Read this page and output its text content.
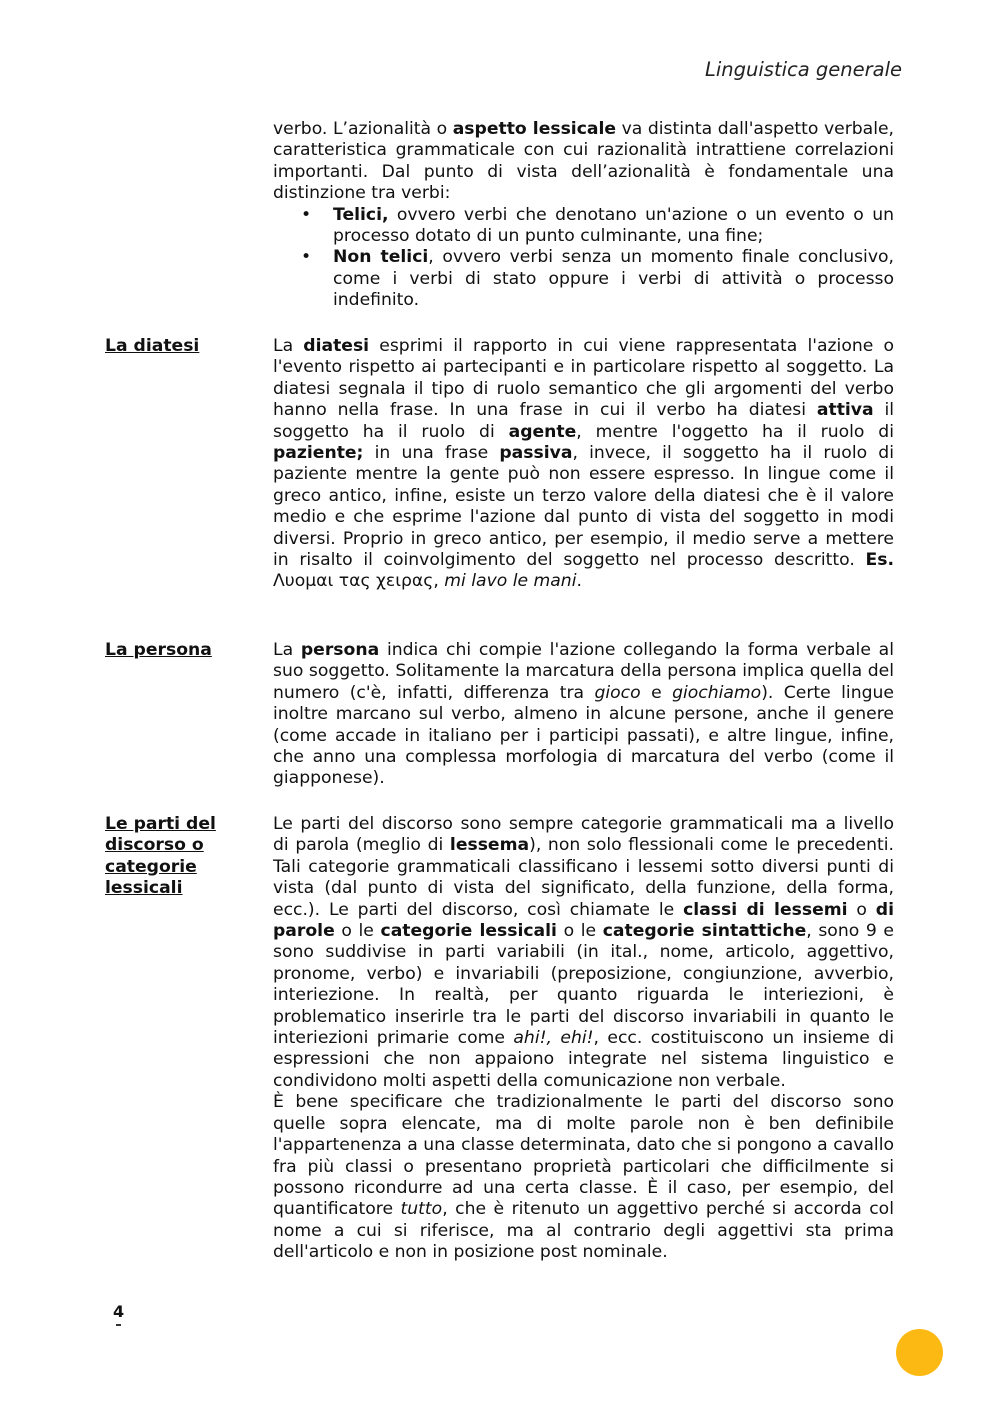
Linguistica generale

verbo. L’azionalità o aspetto lessicale va distinta dall'aspetto verbale, caratteristica grammaticale con cui razionalità intrattiene correlazioni importanti. Dal punto di vista dell’azionalità è fondamentale una distinzione tra verbi:

• Telici, ovvero verbi che denotano un'azione o un evento o un processo dotato di un punto culminante, una fine;
• Non telici, ovvero verbi senza un momento finale conclusivo, come i verbi di stato oppure i verbi di attività o processo indefinito.
La diatesi	La diatesi esprimi il rapporto in cui viene rappresentata l'azione o l'evento rispetto ai partecipanti e in particolare rispetto al soggetto. La diatesi segnala il tipo di ruolo semantico che gli argomenti del verbo hanno nella frase. In una frase in cui il verbo ha diatesi attiva il soggetto ha il ruolo di agente, mentre l'oggetto ha il ruolo di paziente; in una frase passiva, invece, il soggetto ha il ruolo di paziente mentre la gente può non essere espresso. In lingue come il greco antico, infine, esiste un terzo valore della diatesi che è il valore medio e che esprime l'azione dal punto di vista del soggetto in modi diversi. Proprio in greco antico, per esempio, il medio serve a mettere in risalto il coinvolgimento del soggetto nel processo descritto. Es. Λυομαι τας χειρας, mi lavo le mani.

La persona	La persona indica chi compie l'azione collegando la forma verbale al suo soggetto. Solitamente la marcatura della persona implica quella del numero (c'è, infatti, differenza tra gioco e giochiamo). Certe lingue inoltre marcano sul verbo, almeno in alcune persone, anche il genere (come accade in italiano per i participi passati), e altre lingue, infine, che anno una complessa morfologia di marcatura del verbo (come il giapponese).

Le parti del discorso o categorie lessicali

Le parti del discorso sono sempre categorie grammaticali ma a livello di parola (meglio di lessema), non solo flessionali come le precedenti. Tali categorie grammaticali classificano i lessemi sotto diversi punti di vista (dal punto di vista del significato, della funzione, della forma, ecc.). Le parti del discorso, così chiamate le classi di lessemi o di parole o le categorie lessicali o le categorie sintattiche, sono 9 e sono suddivise in parti variabili (in ital., nome, articolo, aggettivo, pronome, verbo) e invariabili (preposizione, congiunzione, avverbio, interiezione. In realtà, per quanto riguarda le interiezioni, è problematico inserirle tra le parti del discorso invariabili in quanto le interiezioni primarie come ahi!, ehi!, ecc. costituiscono un insieme di espressioni che non appaiono integrate nel sistema linguistico e condividono molti aspetti della comunicazione non verbale.

È bene specificare che tradizionalmente le parti del discorso sono quelle sopra elencate, ma di molte parole non è ben definibile l'appartenenza a una classe determinata, dato che si pongono a cavallo fra più classi o presentano proprietà particolari che difficilmente si possono ricondurre ad una certa classe. È il caso, per esempio, del quantificatore tutto, che è ritenuto un aggettivo perché si accorda col nome a cui si riferisce, ma al contrario degli aggettivi sta prima dell'articolo e non in posizione post nominale.

4
